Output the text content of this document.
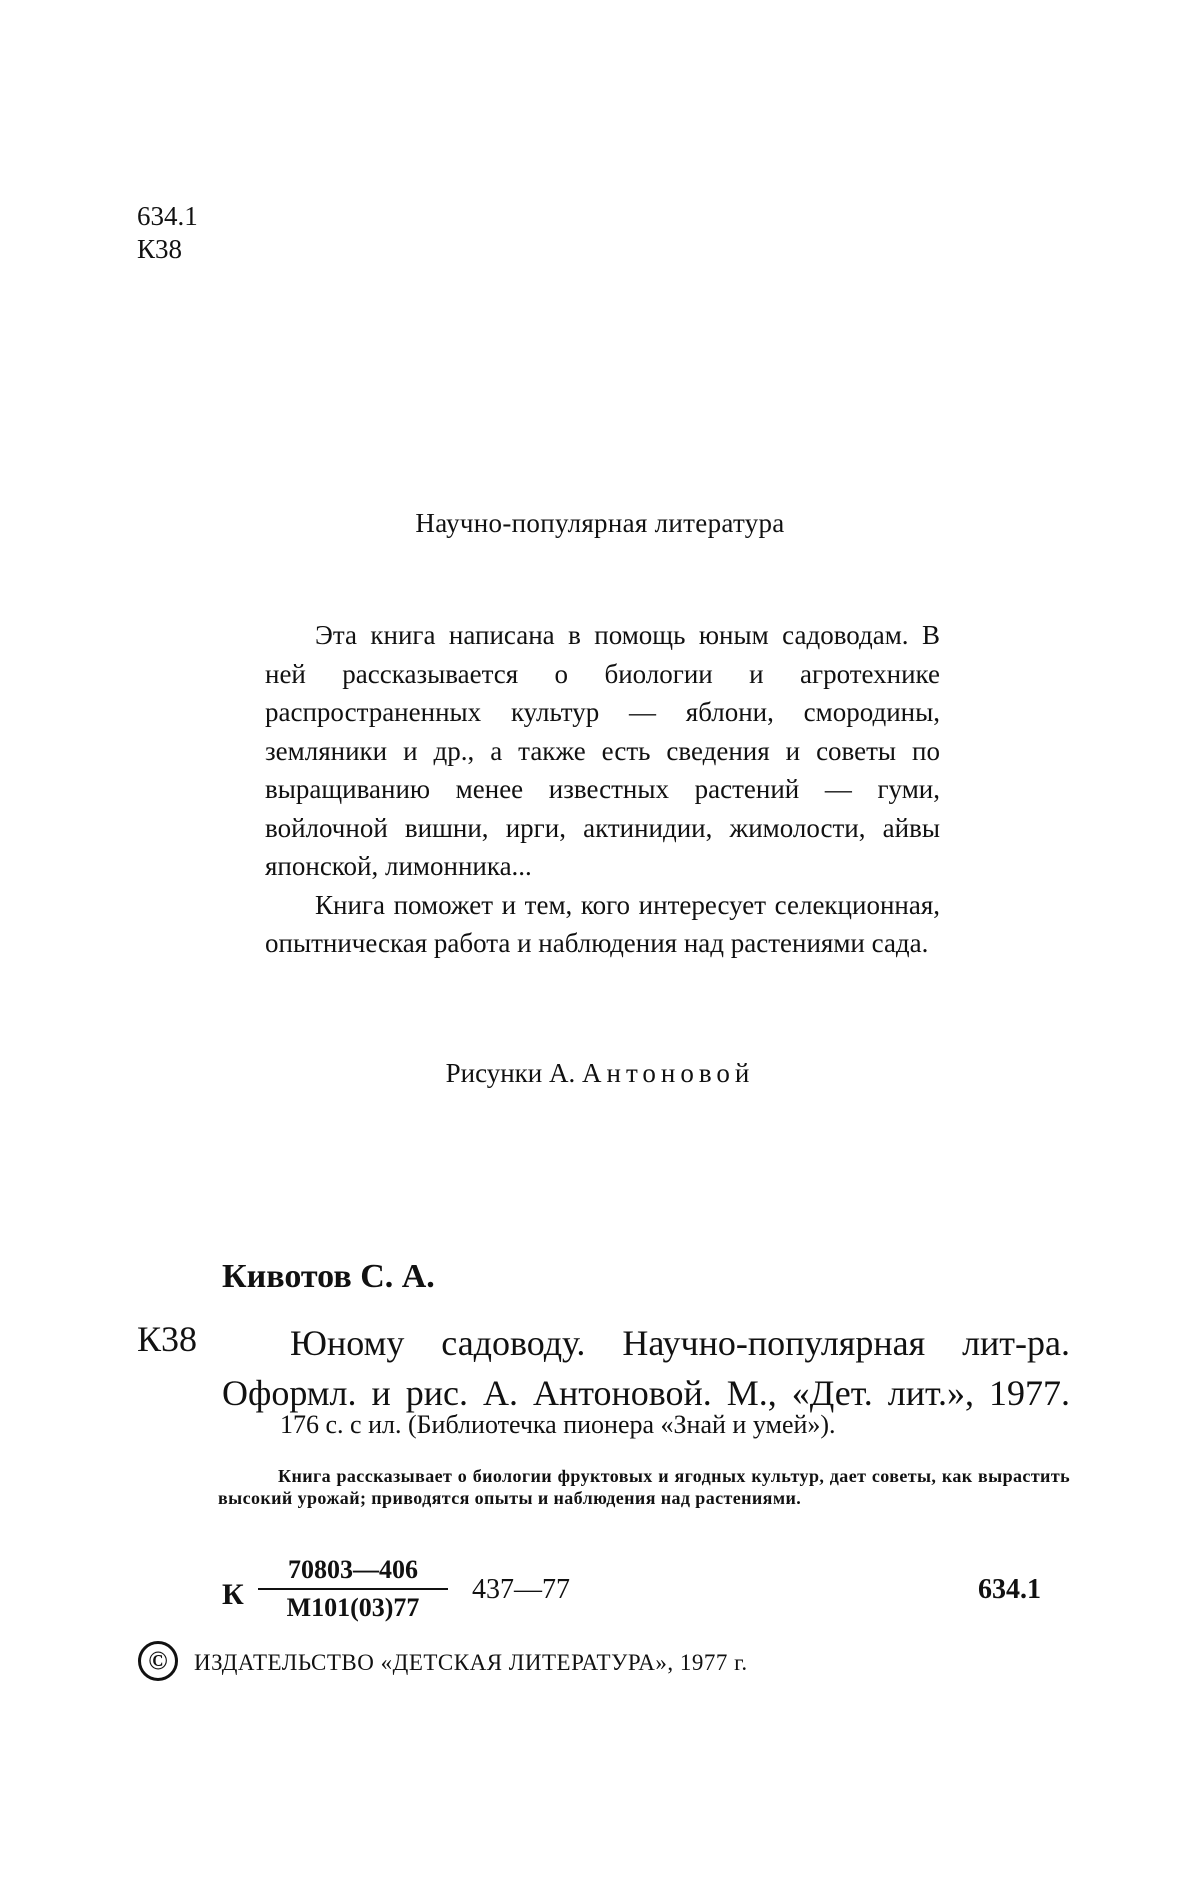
634.1
К38
Научно-популярная литература

Эта книга написана в помощь юным садоводам. В ней рассказывается о биологии и агротехнике распространенных культур — яблони, смородины, земляники и др., а также есть сведения и советы по выращиванию менее известных растений — гуми, войлочной вишни, ирги, актинидии, жимолости, айвы японской, лимонника...

Книга поможет и тем, кого интересует селекционная, опытническая работа и наблюдения над растениями сада.

Рисунки А. Антоновой
Кивотов С. А.
К38	Юному садоводу. Научно-популярная лит-ра.
Оформл. и рис. А. Антоновой. М., «Дет. лит.», 1977.
176 с. с ил. (Библиотечка пионера «Знай и умей»).

Книга рассказывает о биологии фруктовых и ягодных культур, дает советы, как вырастить высокий урожай; приводятся опыты и наблюдения над растениями.

К
70803—406
М101(03)77
437—77	634.1
©	ИЗДАТЕЛЬСТВО «ДЕТСКАЯ ЛИТЕРАТУРА», 1977 г.
